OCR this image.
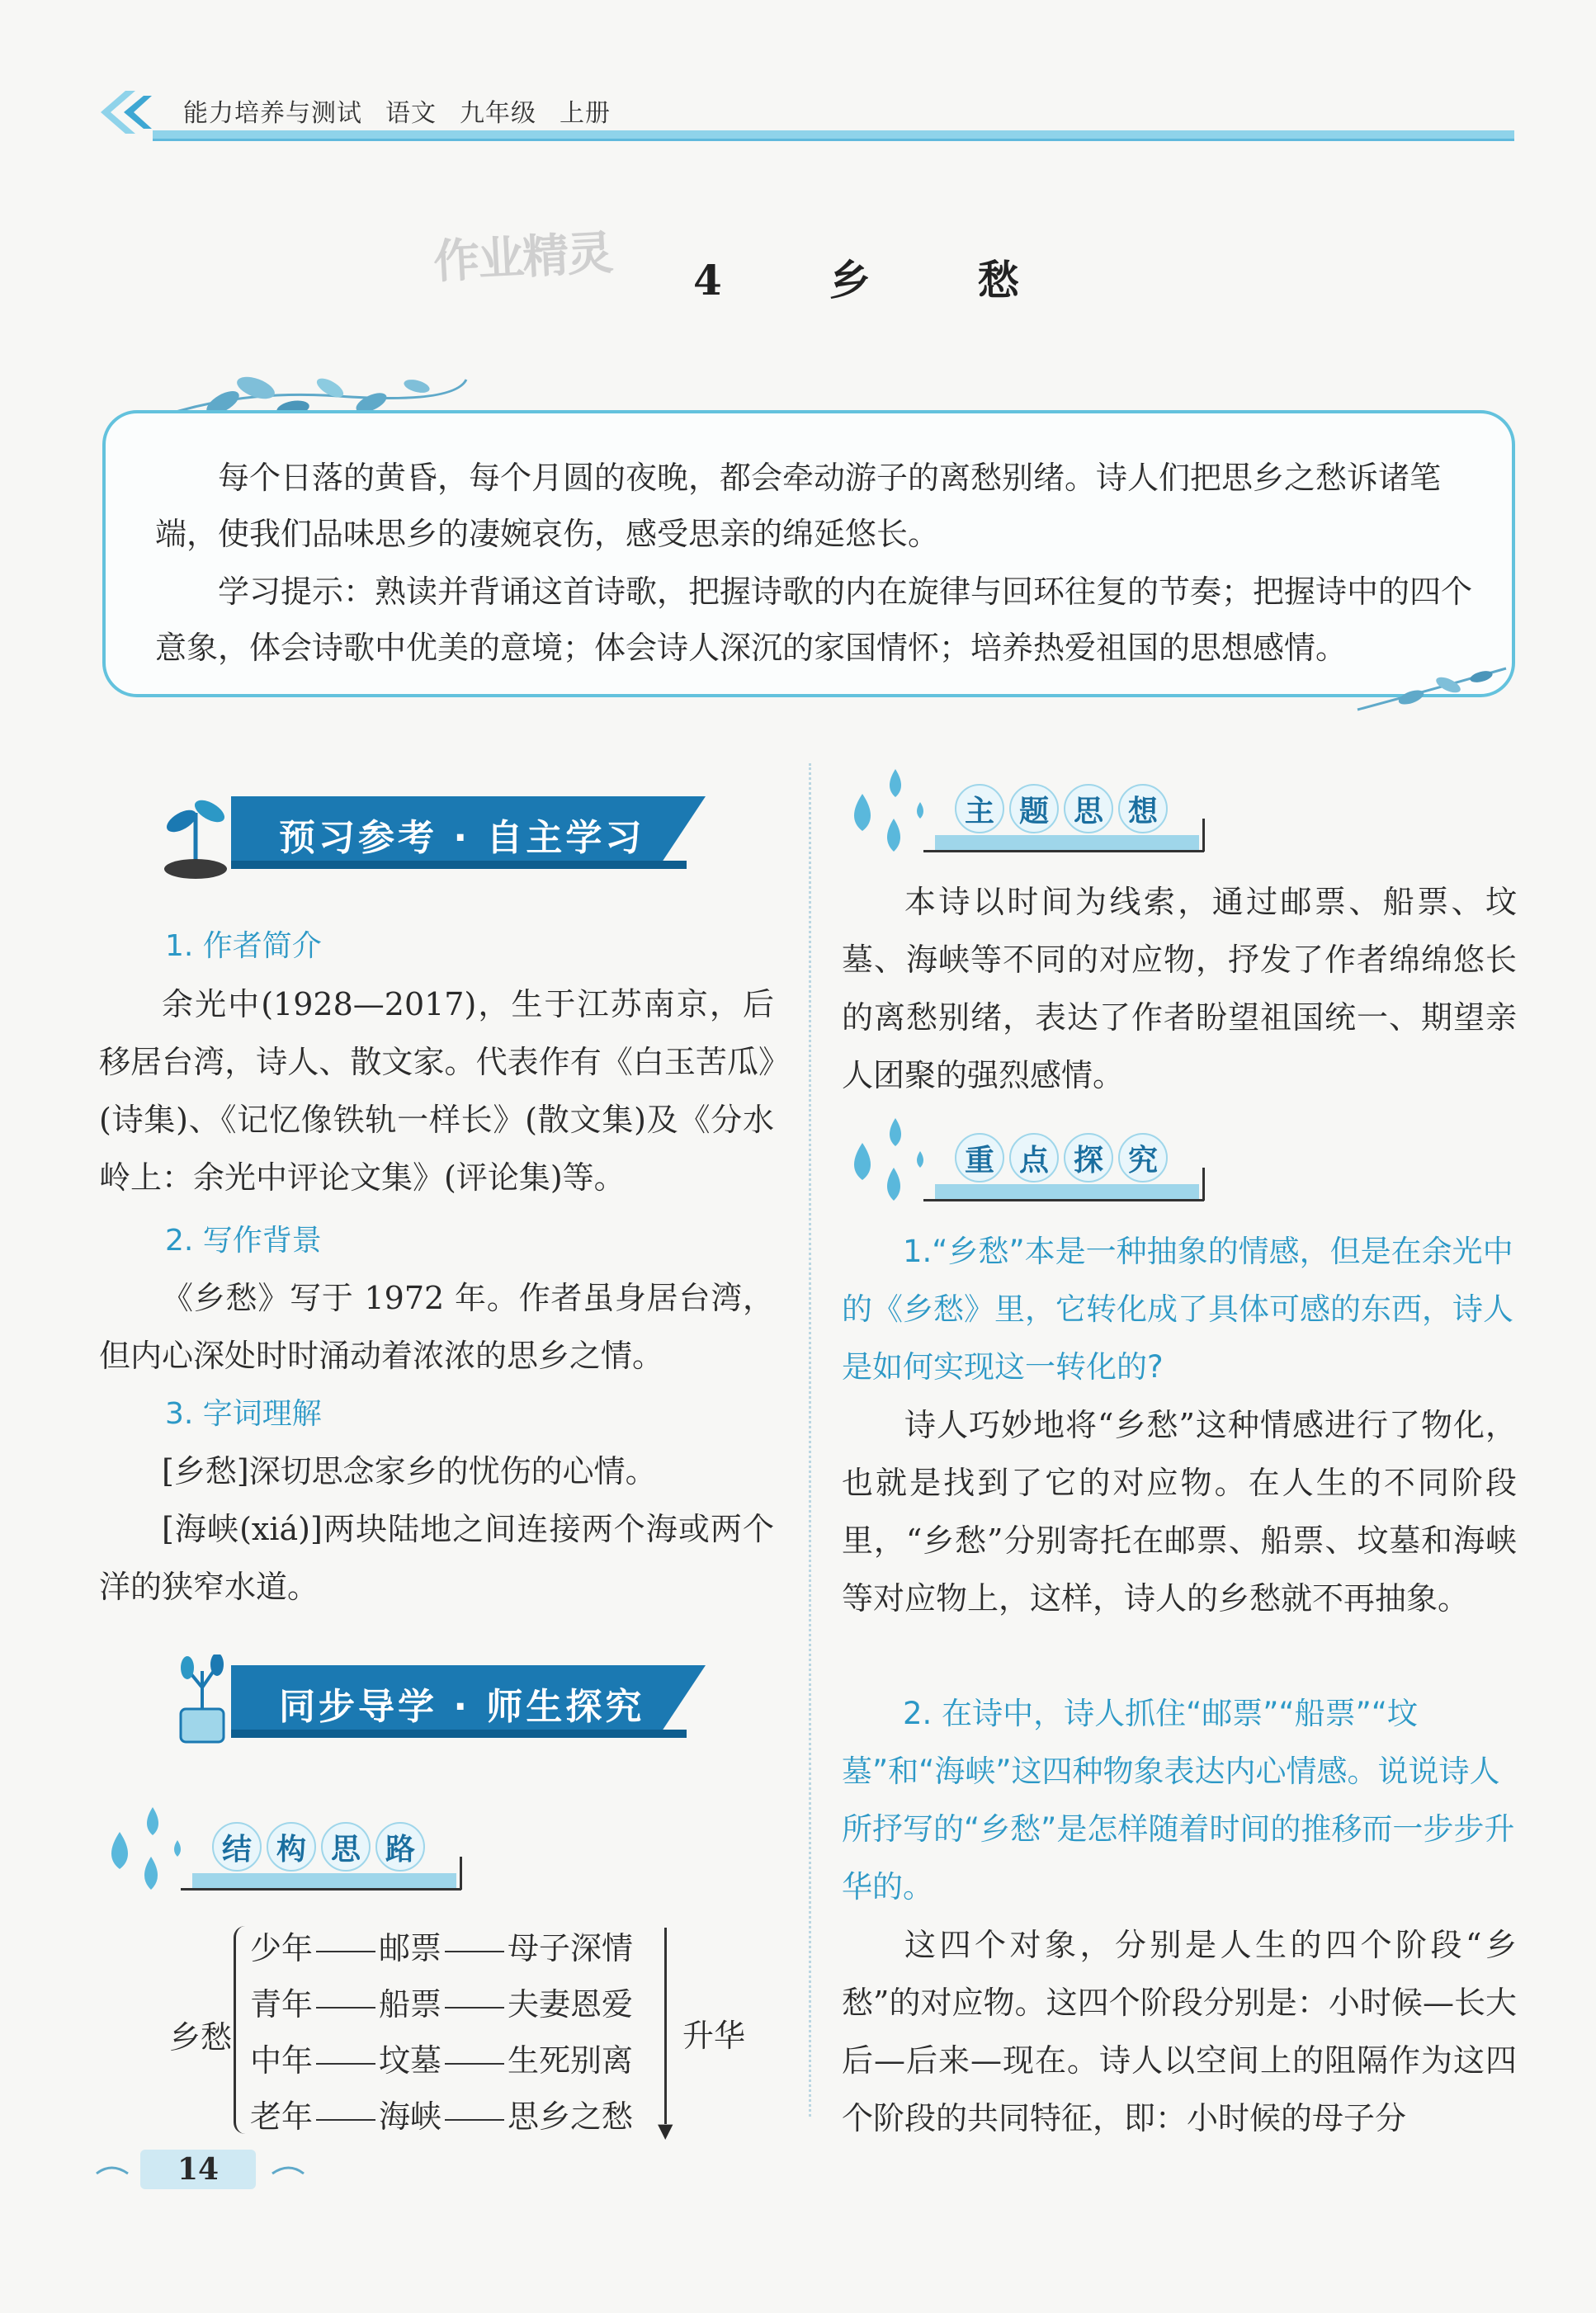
能力培养与测试 语文 九年级 上册
作业精灵 4　乡　愁

每个日落的黄昏，每个月圆的夜晚，都会牵动游子的离愁别绪。诗人们把思乡之愁诉诸笔端，使我们品味思乡的凄婉哀伤，感受思亲的绵延悠长。

学习提示：熟读并背诵这首诗歌，把握诗歌的内在旋律与回环往复的节奏；把握诗中的四个意象，体会诗歌中优美的意境；体会诗人深沉的家国情怀；培养热爱祖国的思想感情。

预习参考 · 自主学习
1. 作者简介

余光中(1928—2017)，生于江苏南京，后移居台湾，诗人、散文家。代表作有《白玉苦瓜》(诗集)、《记忆像铁轨一样长》(散文集)及《分水岭上：余光中评论文集》(评论集)等。

2. 写作背景

《乡愁》写于 1972 年。作者虽身居台湾，但内心深处时时涌动着浓浓的思乡之情。

3. 字词理解

[乡愁]深切思念家乡的忧伤的心情。

[海峡(xiá)]两块陆地之间连接两个海或两个洋的狭窄水道。

同步导学 · 师生探究
结 构 思 路
乡愁
少年 邮票 母子深情
青年 船票 夫妻恩爱
中年 坟墓 生死别离
老年 海峡 思乡之愁 ▼
升华
主 题 思 想

本诗以时间为线索，通过邮票、船票、坟墓、海峡等不同的对应物，抒发了作者绵绵悠长的离愁别绪，表达了作者盼望祖国统一、期望亲人团聚的强烈感情。

重 点 探 究

1.“乡愁”本是一种抽象的情感，但是在余光中的《乡愁》里，它转化成了具体可感的东西，诗人是如何实现这一转化的?

诗人巧妙地将“乡愁”这种情感进行了物化，也就是找到了它的对应物。在人生的不同阶段里，“乡愁”分别寄托在邮票、船票、坟墓和海峡等对应物上，这样，诗人的乡愁就不再抽象。

2. 在诗中，诗人抓住“邮票”“船票”“坟墓”和“海峡”这四种物象表达内心情感。说说诗人所抒写的“乡愁”是怎样随着时间的推移而一步步升华的。

这四个对象，分别是人生的四个阶段“乡愁”的对应物。这四个阶段分别是：小时候—长大后—后来—现在。诗人以空间上的阻隔作为这四个阶段的共同特征，即：小时候的母子分

14
